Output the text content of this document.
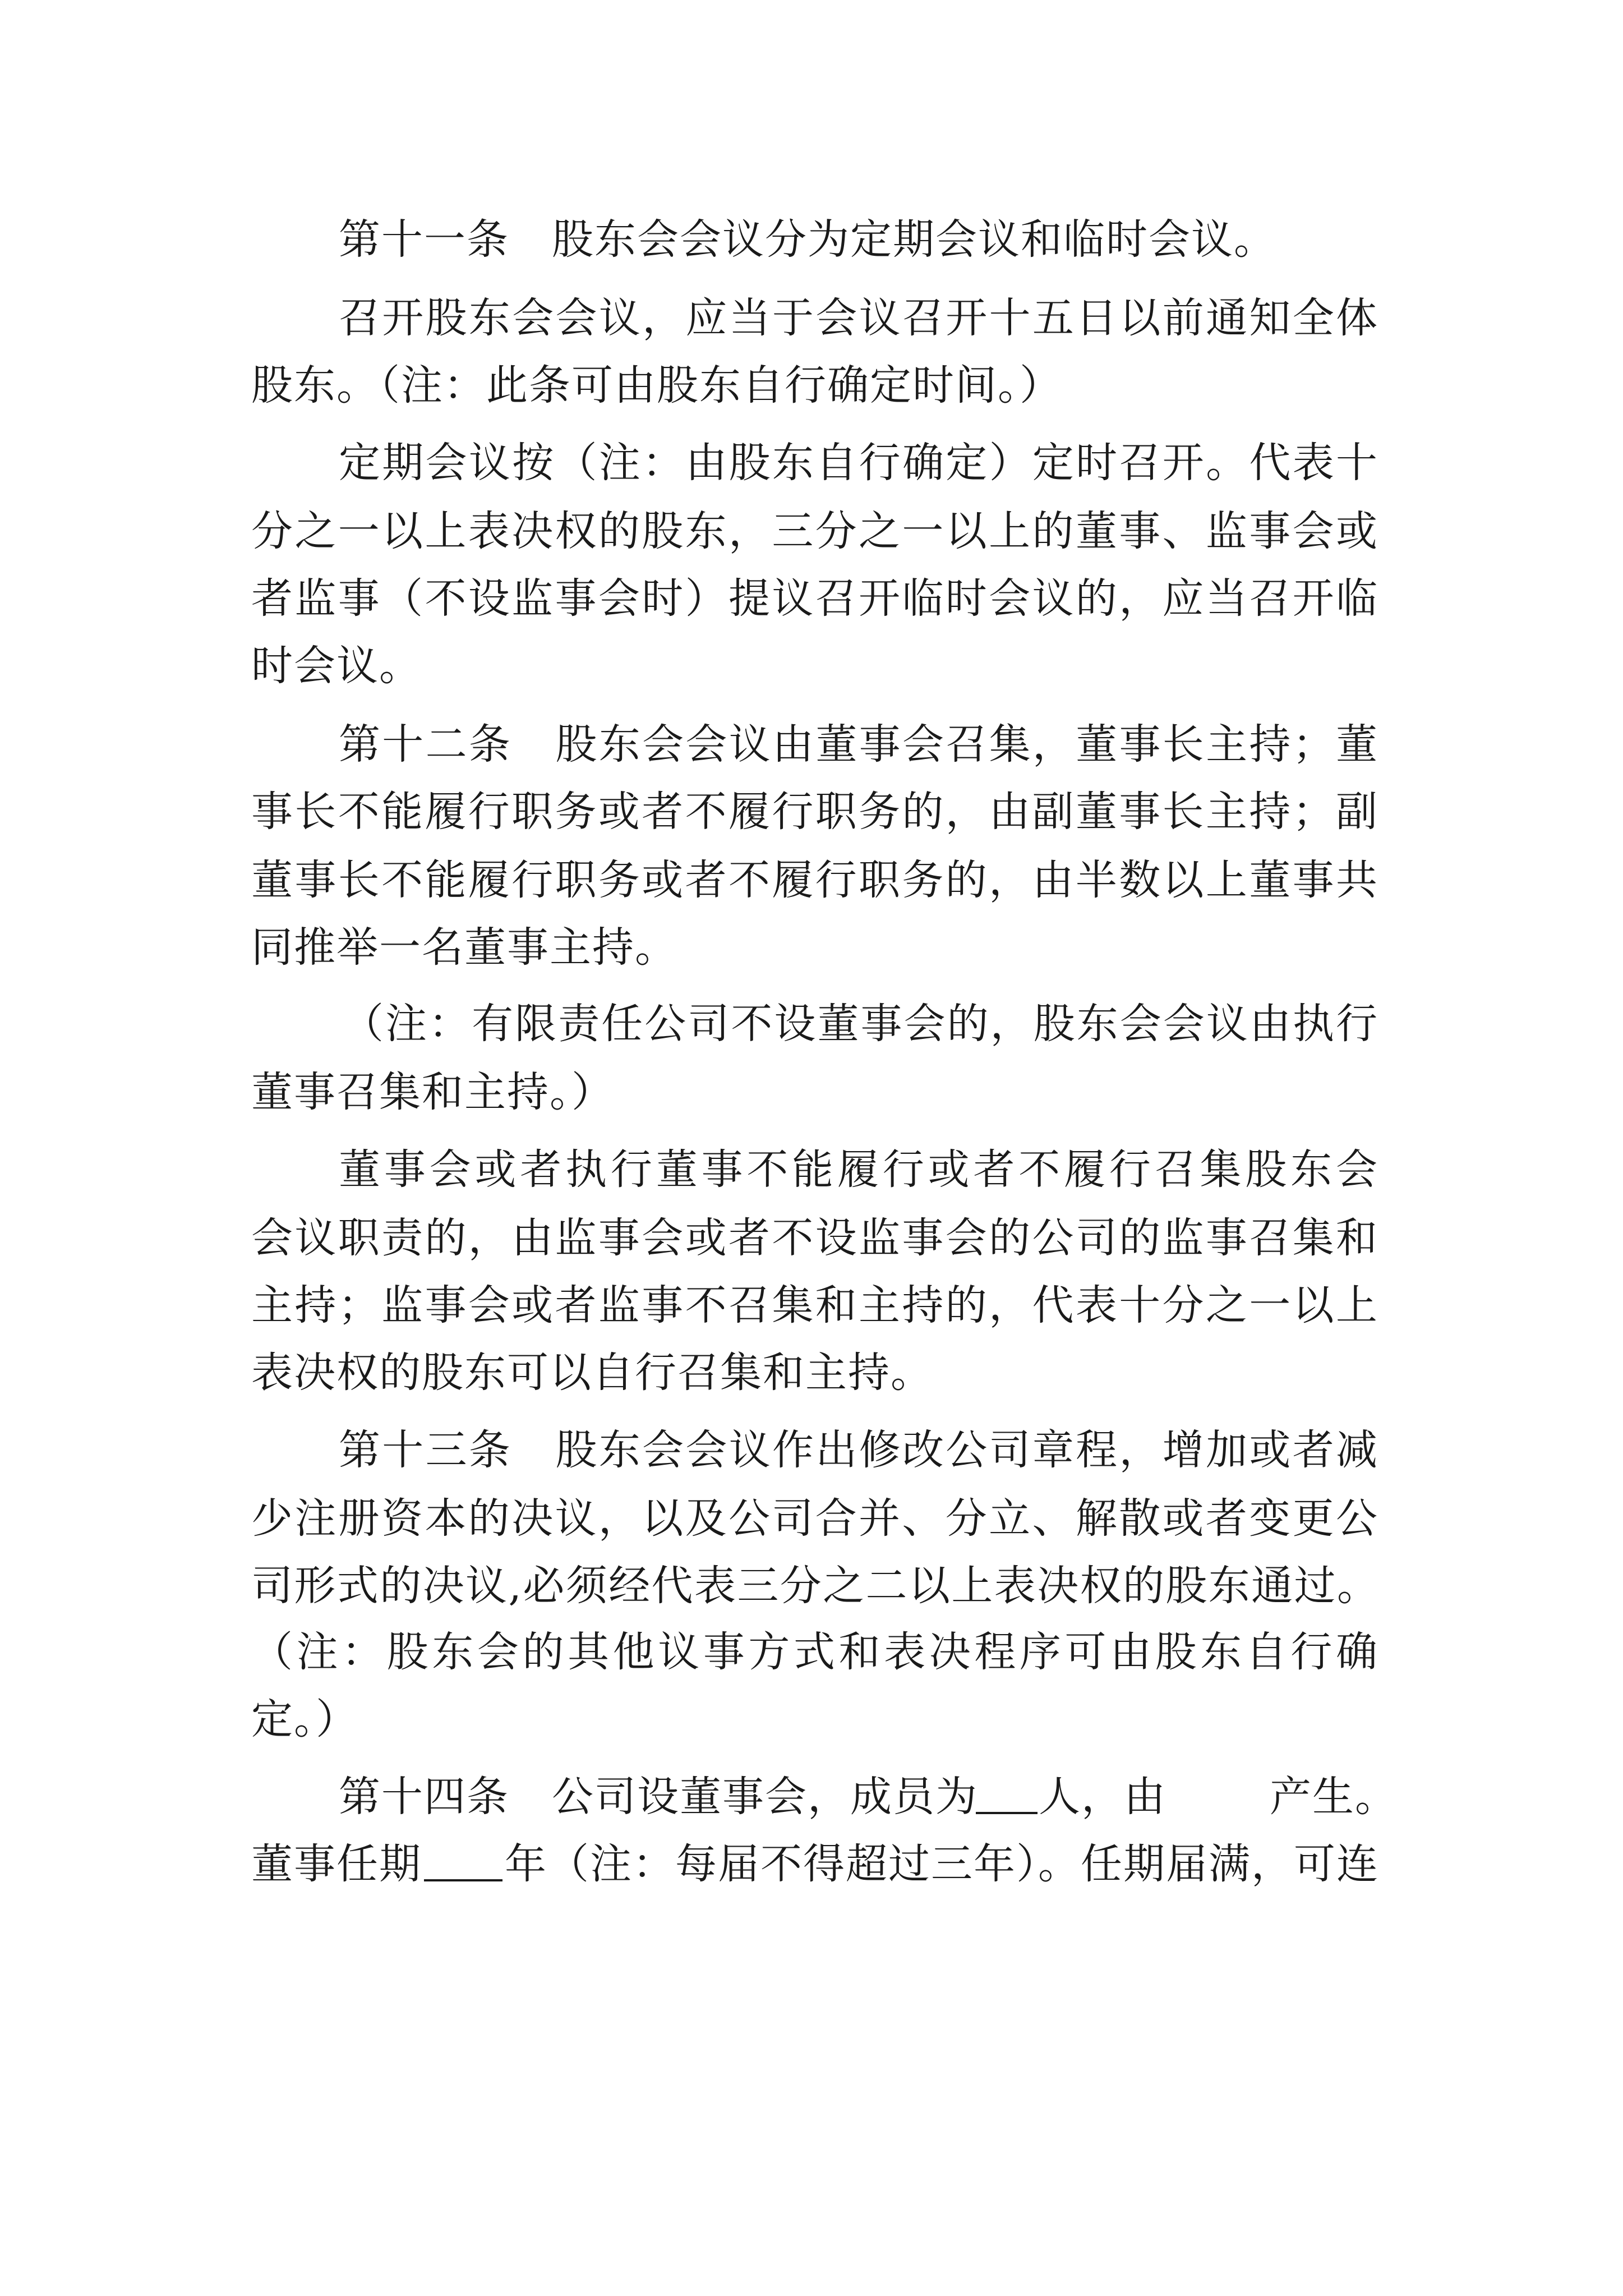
第十一条　股东会会议分为定期会议和临时会议。
召开股东会会议，应当于会议召开十五日以前通知全体
股东。（注：此条可由股东自行确定时间。）
定期会议按（注：由股东自行确定）定时召开。代表十
分之一以上表决权的股东，三分之一以上的董事、监事会或
者监事（不设监事会时）提议召开临时会议的，应当召开临
时会议。
第十二条　股东会会议由董事会召集，董事长主持；董
事长不能履行职务或者不履行职务的，由副董事长主持；副
董事长不能履行职务或者不履行职务的，由半数以上董事共
同推举一名董事主持。
（注：有限责任公司不设董事会的，股东会会议由执行
董事召集和主持。）
董事会或者执行董事不能履行或者不履行召集股东会
会议职责的，由监事会或者不设监事会的公司的监事召集和
主持；监事会或者监事不召集和主持的，代表十分之一以上
表决权的股东可以自行召集和主持。
第十三条　股东会会议作出修改公司章程，增加或者减
少注册资本的决议，以及公司合并、分立、解散或者变更公
司形式的决议,必须经代表三分之二以上表决权的股东通过。
（注：股东会的其他议事方式和表决程序可由股东自行确
定。）
第十四条　公司设董事会，成员为 人，由 产生。
董事任期 年（注：每届不得超过三年）。任期届满，可连
